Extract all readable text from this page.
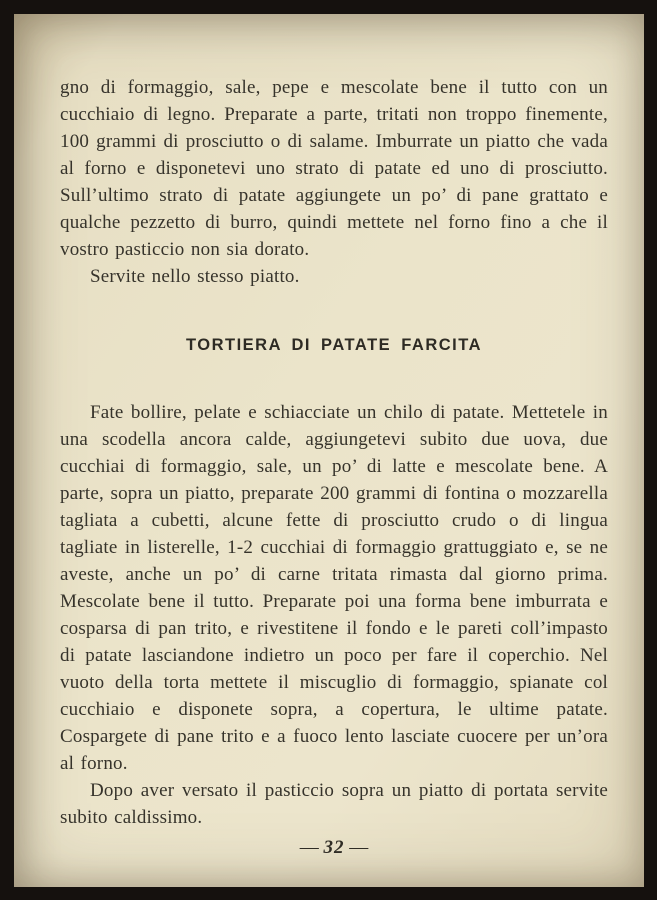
gno di formaggio, sale, pepe e mescolate bene il tutto con un cucchiaio di legno. Preparate a parte, tritati non troppo finemente, 100 grammi di prosciutto o di salame. Imburrate un piatto che vada al forno e disponetevi uno strato di patate ed uno di prosciutto. Sull’ultimo strato di patate aggiungete un po’ di pane grattato e qualche pezzetto di burro, quindi mettete nel forno fino a che il vostro pasticcio non sia dorato.

Servite nello stesso piatto.

TORTIERA DI PATATE FARCITA

Fate bollire, pelate e schiacciate un chilo di patate. Mettetele in una scodella ancora calde, aggiungetevi subito due uova, due cucchiai di formaggio, sale, un po’ di latte e mescolate bene. A parte, sopra un piatto, preparate 200 grammi di fontina o mozzarella tagliata a cubetti, alcune fette di prosciutto crudo o di lingua tagliate in listerelle, 1-2 cucchiai di formaggio grattuggiato e, se ne aveste, anche un po’ di carne tritata rimasta dal giorno prima. Mescolate bene il tutto. Preparate poi una forma bene imburrata e cosparsa di pan trito, e rivestitene il fondo e le pareti coll’impasto di patate lasciandone indietro un poco per fare il coperchio. Nel vuoto della torta mettete il miscuglio di formaggio, spianate col cucchiaio e disponete sopra, a copertura, le ultime patate. Cospargete di pane trito e a fuoco lento lasciate cuocere per un’ora al forno.

Dopo aver versato il pasticcio sopra un piatto di portata servite subito caldissimo.

— 32 —
